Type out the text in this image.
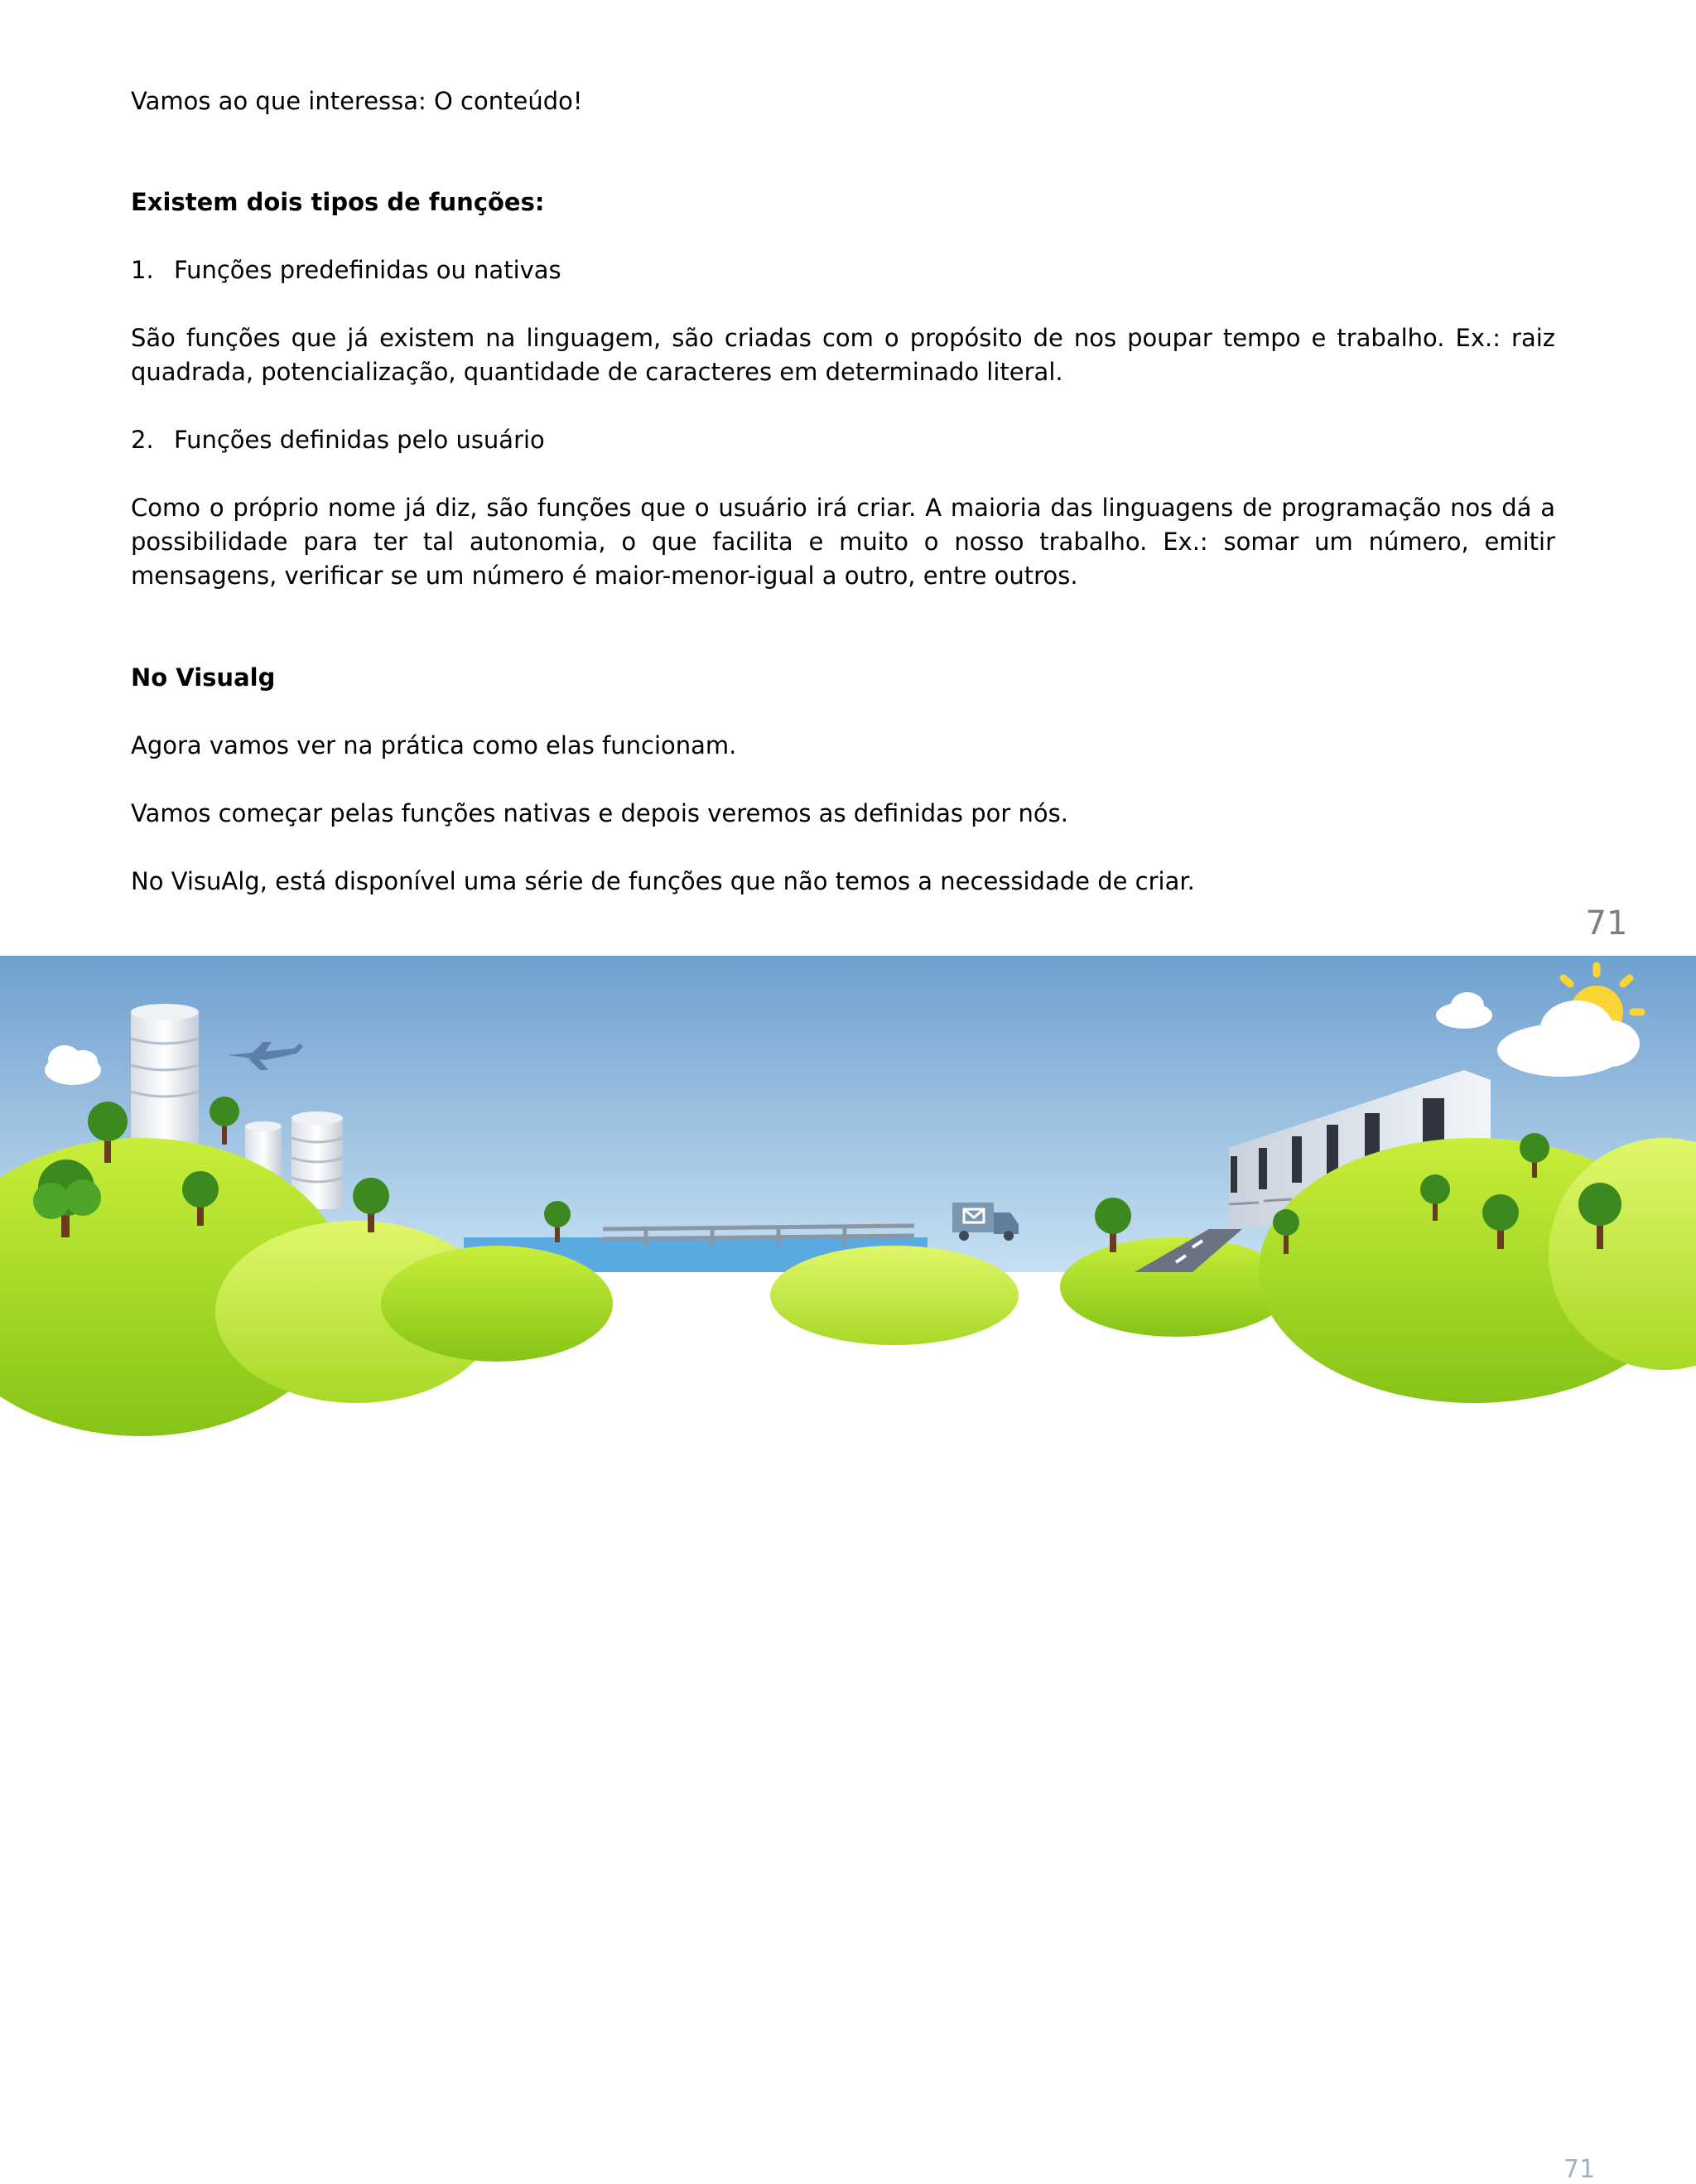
Vamos ao que interessa: O conteúdo!
Existem dois tipos de funções:
1. Funções predefinidas ou nativas
São funções que já existem na linguagem, são criadas com o propósito de nos poupar tempo e trabalho. Ex.: raiz quadrada, potencialização, quantidade de caracteres em determinado literal.
2. Funções definidas pelo usuário
Como o próprio nome já diz, são funções que o usuário irá criar. A maioria das linguagens de programação nos dá a possibilidade para ter tal autonomia, o que facilita e muito o nosso trabalho. Ex.: somar um número, emitir mensagens, verificar se um número é maior-menor-igual a outro, entre outros.
No Visualg
Agora vamos ver na prática como elas funcionam.
Vamos começar pelas funções nativas e depois veremos as definidas por nós.
No VisuAlg, está disponível uma série de funções que não temos a necessidade de criar.
71
71
